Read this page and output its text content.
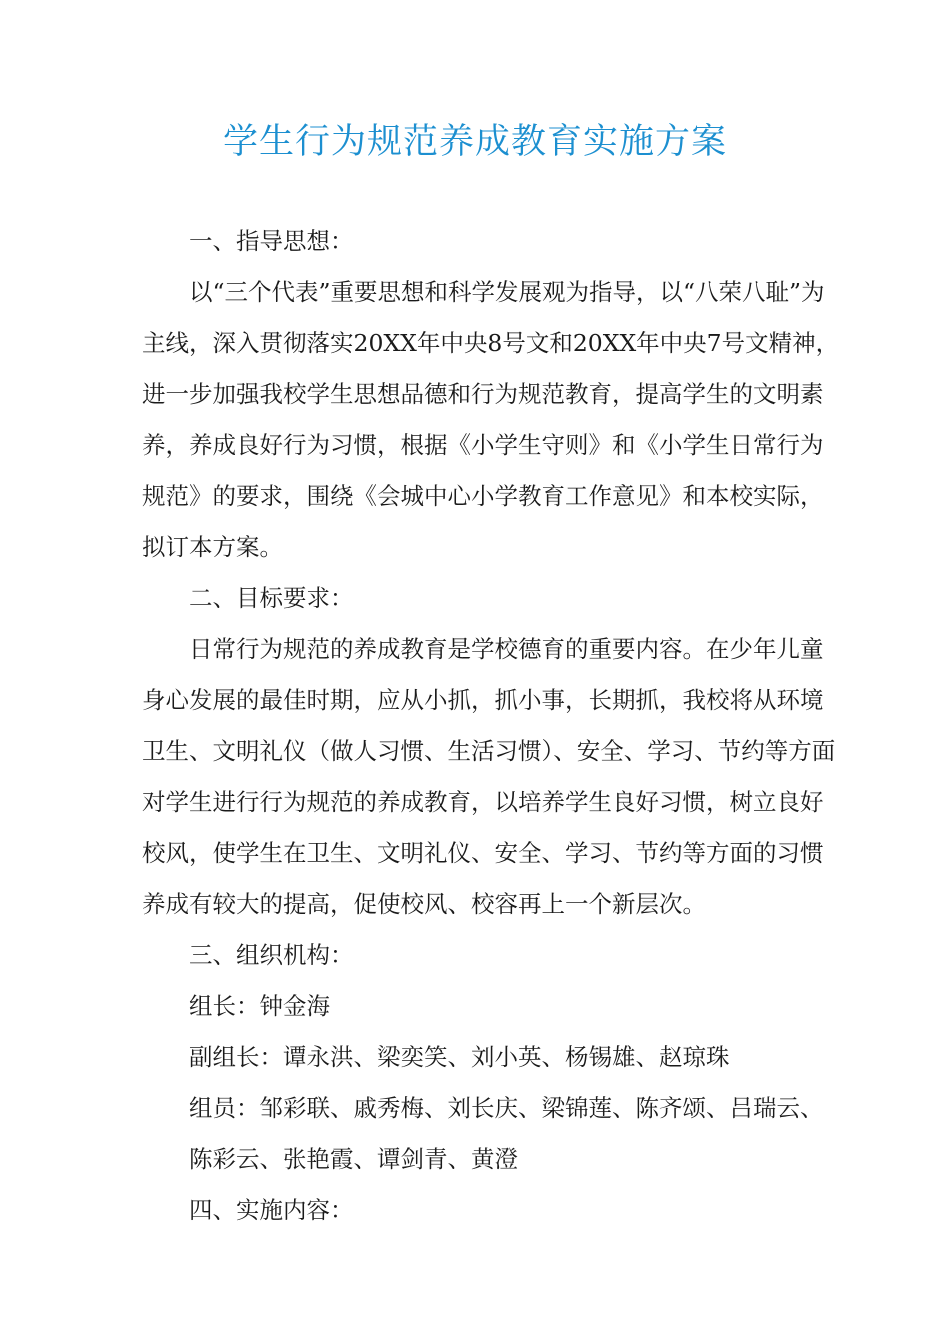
学生行为规范养成教育实施方案

一、指导思想：

以“三个代表”重要思想和科学发展观为指导，以“八荣八耻”为主线，深入贯彻落实20XX年中央8号文和20XX年中央7号文精神，进一步加强我校学生思想品德和行为规范教育，提高学生的文明素养，养成良好行为习惯，根据《小学生守则》和《小学生日常行为规范》的要求，围绕《会城中心小学教育工作意见》和本校实际，拟订本方案。

二、目标要求：

日常行为规范的养成教育是学校德育的重要内容。在少年儿童身心发展的最佳时期，应从小抓，抓小事，长期抓，我校将从环境卫生、文明礼仪（做人习惯、生活习惯）、安全、学习、节约等方面对学生进行行为规范的养成教育，以培养学生良好习惯，树立良好校风，使学生在卫生、文明礼仪、安全、学习、节约等方面的习惯养成有较大的提高，促使校风、校容再上一个新层次。

三、组织机构：

组长：钟金海

副组长：谭永洪、梁奕笑、刘小英、杨锡雄、赵琼珠

组员：邹彩联、戚秀梅、刘长庆、梁锦莲、陈齐颂、吕瑞云、陈彩云、张艳霞、谭剑青、黄澄

四、实施内容：
